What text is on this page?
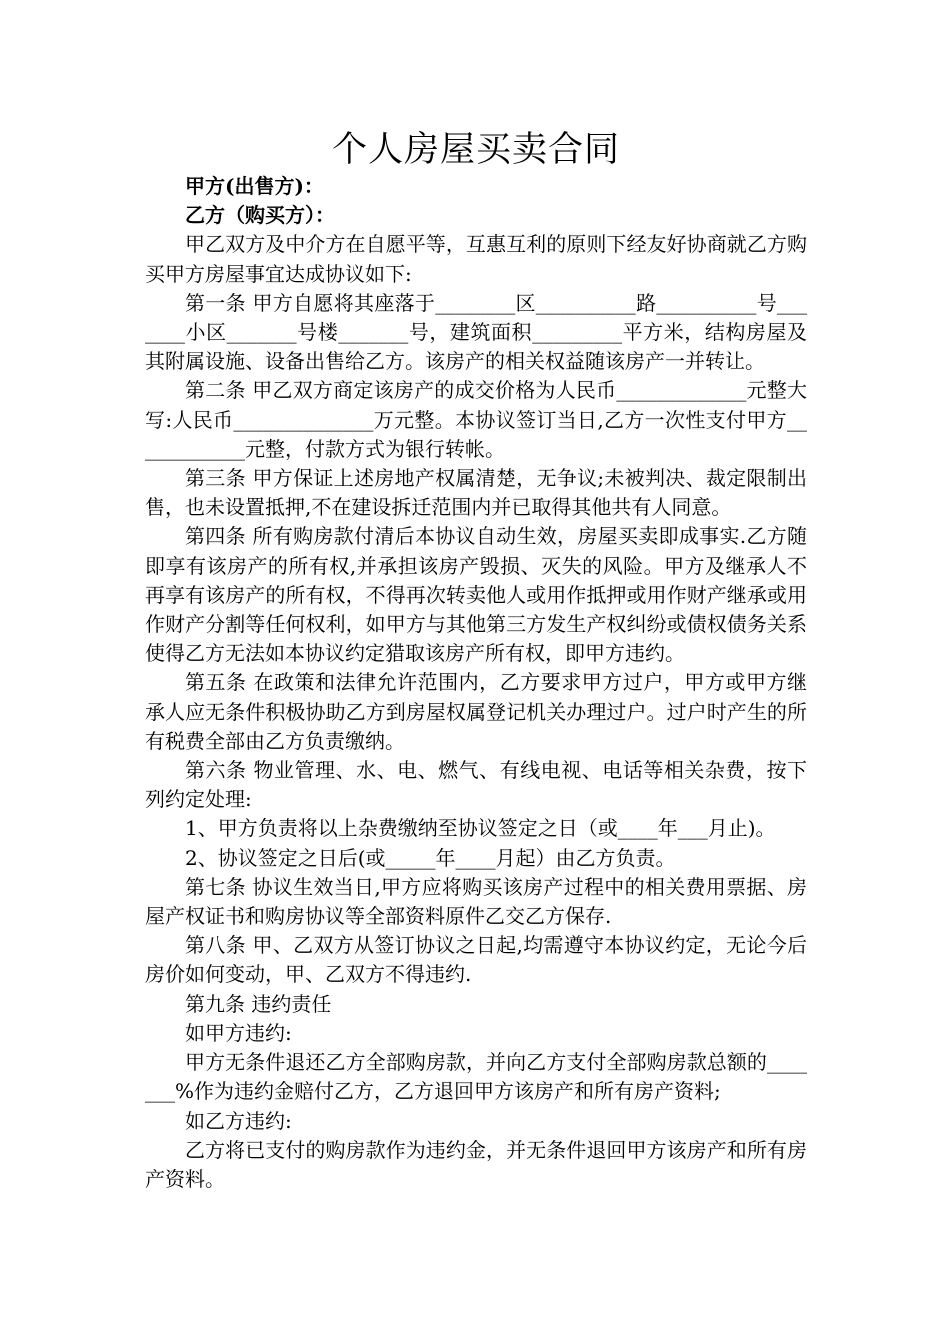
个人房屋买卖合同

甲方(出售方)：

乙方（购买方）：

甲乙双方及中介方在自愿平等，互惠互利的原则下经友好协商就乙方购买甲方房屋事宜达成协议如下:

第一条 甲方自愿将其座落于________区__________路__________号_______小区_______号楼_______号，建筑面积_________平方米，结构房屋及其附属设施、设备出售给乙方。该房产的相关权益随该房产一并转让。

第二条 甲乙双方商定该房产的成交价格为人民币_____________元整大写:人民币______________万元整。本协议签订当日,乙方一次性支付甲方____________元整，付款方式为银行转帐。

第三条 甲方保证上述房地产权属清楚，无争议;未被判决、裁定限制出售，也未设置抵押,不在建设拆迁范围内并已取得其他共有人同意。

第四条 所有购房款付清后本协议自动生效，房屋买卖即成事实.乙方随即享有该房产的所有权,并承担该房产毁损、灭失的风险。甲方及继承人不再享有该房产的所有权，不得再次转卖他人或用作抵押或用作财产继承或用作财产分割等任何权利，如甲方与其他第三方发生产权纠纷或债权债务关系使得乙方无法如本协议约定猎取该房产所有权，即甲方违约。

第五条 在政策和法律允许范围内，乙方要求甲方过户，甲方或甲方继承人应无条件积极协助乙方到房屋权属登记机关办理过户。过户时产生的所有税费全部由乙方负责缴纳。

第六条 物业管理、水、电、燃气、有线电视、电话等相关杂费，按下列约定处理:

1、甲方负责将以上杂费缴纳至协议签定之日（或____年___月止)。

2、协议签定之日后(或_____年____月起）由乙方负责。

第七条 协议生效当日,甲方应将购买该房产过程中的相关费用票据、房屋产权证书和购房协议等全部资料原件乙交乙方保存.

第八条 甲、乙双方从签订协议之日起,均需遵守本协议约定，无论今后房价如何变动，甲、乙双方不得违约.

第九条 违约责任

如甲方违约:

甲方无条件退还乙方全部购房款，并向乙方支付全部购房款总额的_______%作为违约金赔付乙方，乙方退回甲方该房产和所有房产资料;

如乙方违约:

乙方将已支付的购房款作为违约金，并无条件退回甲方该房产和所有房产资料。
